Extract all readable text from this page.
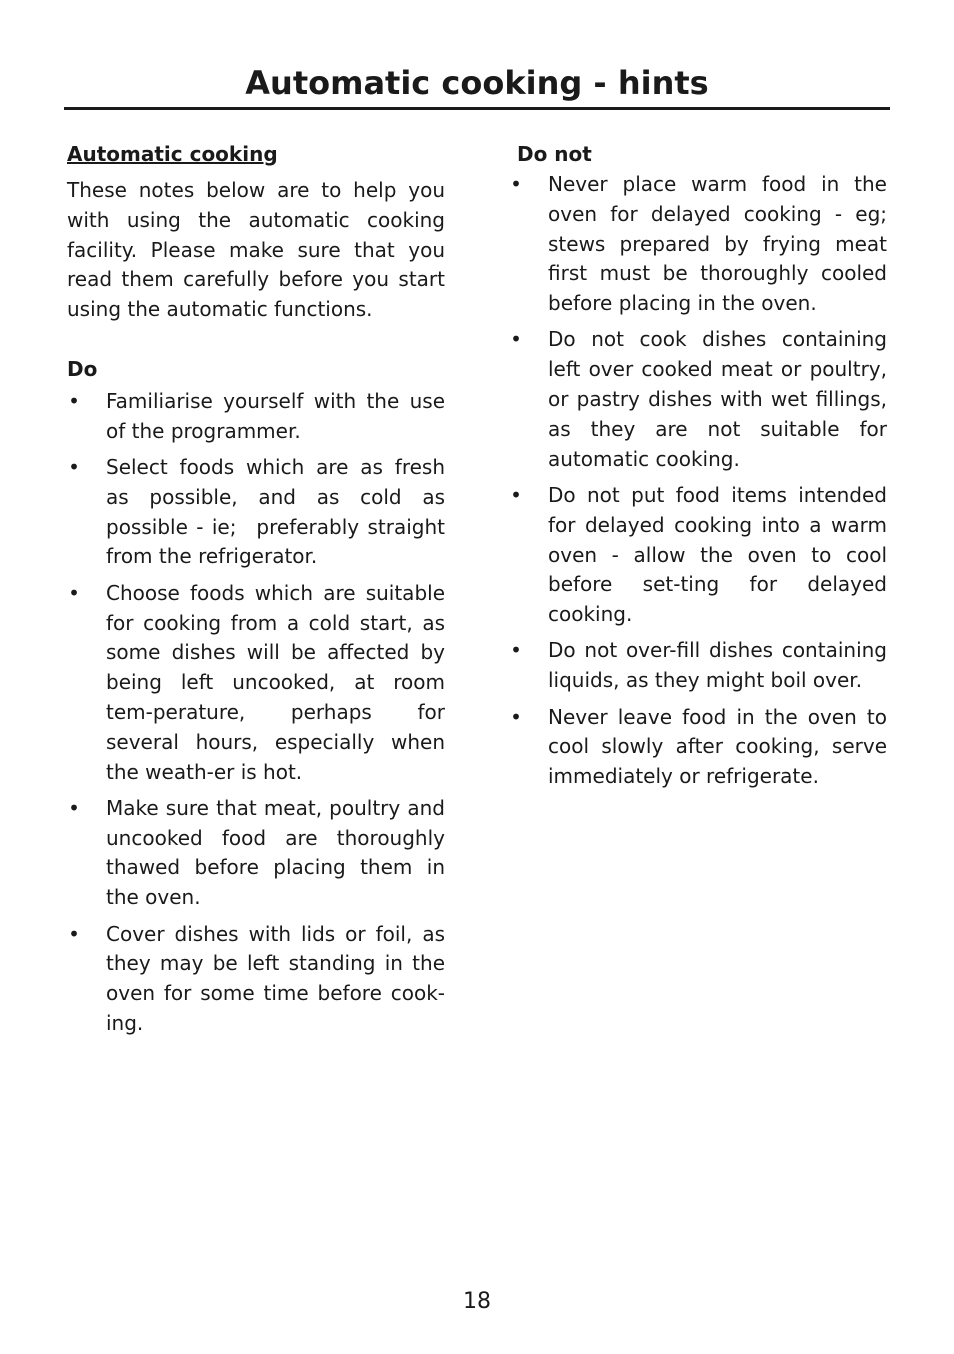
Automatic cooking - hints
Automatic cooking

These notes below are to help you with using the automatic cooking facility. Please make sure that you read them carefully before you start using the automatic functions.

Do
• Familiarise yourself with the use of the programmer.
• Select foods which are as fresh as possible, and as cold as possible - ie; preferably straight from the refrigerator.
• Choose foods which are suitable for cooking from a cold start, as some dishes will be affected by being left uncooked, at room tem-perature, perhaps for several hours, especially when the weath-er is hot.
• Make sure that meat, poultry and uncooked food are thoroughly thawed before placing them in the oven.
• Cover dishes with lids or foil, as they may be left standing in the oven for some time before cook-ing.
Do not
• Never place warm food in the oven for delayed cooking - eg; stews prepared by frying meat first must be thoroughly cooled before placing in the oven.
• Do not cook dishes containing left over cooked meat or poultry, or pastry dishes with wet fillings, as they are not suitable for automatic cooking.
• Do not put food items intended for delayed cooking into a warm oven - allow the oven to cool before set-ting for delayed cooking.
• Do not over-fill dishes containing liquids, as they might boil over.
• Never leave food in the oven to cool slowly after cooking, serve immediately or refrigerate.
18
